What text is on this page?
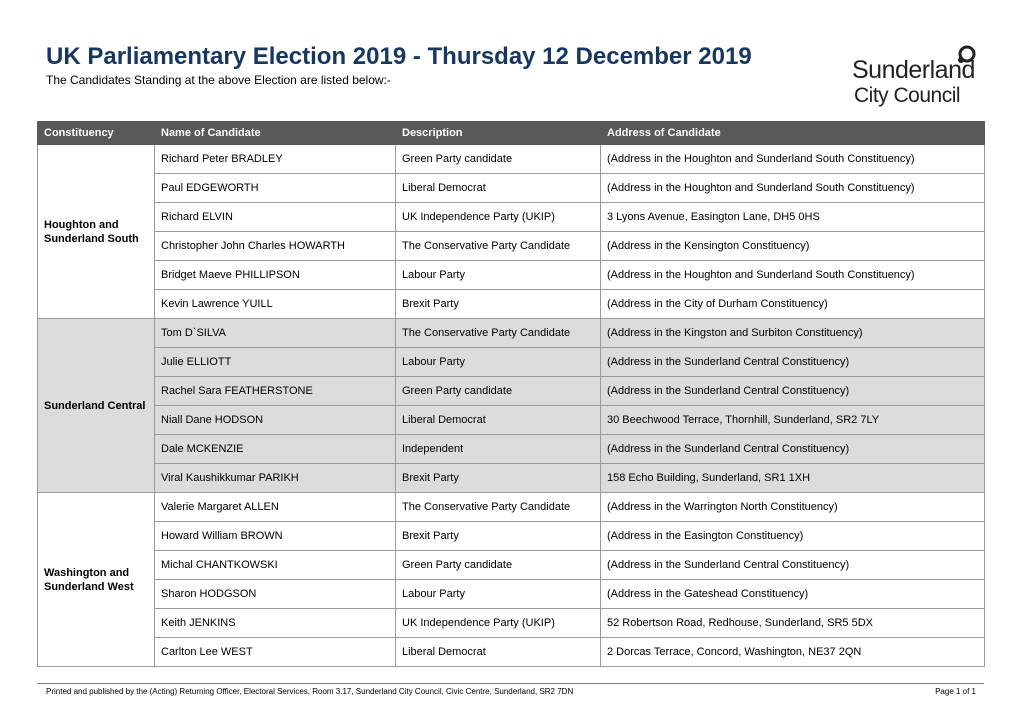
UK Parliamentary Election 2019 - Thursday 12 December 2019
The Candidates Standing at the above Election are listed below:-	Sunderland
City Council
Constituency	Name of Candidate	Description	Address of Candidate
Houghton and Sunderland South	Richard Peter BRADLEY	Green Party candidate	(Address in the Houghton and Sunderland South Constituency)
	Paul EDGEWORTH	Liberal Democrat	(Address in the Houghton and Sunderland South Constituency)
	Richard ELVIN	UK Independence Party (UKIP)	3 Lyons Avenue, Easington Lane, DH5 0HS
	Christopher John Charles HOWARTH	The Conservative Party Candidate	(Address in the Kensington Constituency)
	Bridget Maeve PHILLIPSON	Labour Party	(Address in the Houghton and Sunderland South Constituency)
	Kevin Lawrence YUILL	Brexit Party	(Address in the City of Durham Constituency)
Sunderland Central	Tom D`SILVA	The Conservative Party Candidate	(Address in the Kingston and Surbiton Constituency)
	Julie ELLIOTT	Labour Party	(Address in the Sunderland Central Constituency)
	Rachel Sara FEATHERSTONE	Green Party candidate	(Address in the Sunderland Central Constituency)
	Niall Dane HODSON	Liberal Democrat	30 Beechwood Terrace, Thornhill, Sunderland, SR2 7LY
	Dale MCKENZIE	Independent	(Address in the Sunderland Central Constituency)
	Viral Kaushikkumar PARIKH	Brexit Party	158 Echo Building, Sunderland, SR1 1XH
Washington and Sunderland West	Valerie Margaret ALLEN	The Conservative Party Candidate	(Address in the Warrington North Constituency)
	Howard William BROWN	Brexit Party	(Address in the Easington Constituency)
	Michal CHANTKOWSKI	Green Party candidate	(Address in the Sunderland Central Constituency)
	Sharon HODGSON	Labour Party	(Address in the Gateshead Constituency)
	Keith JENKINS	UK Independence Party (UKIP)	52 Robertson Road, Redhouse, Sunderland, SR5 5DX
	Carlton Lee WEST	Liberal Democrat	2 Dorcas Terrace, Concord, Washington, NE37 2QN
Printed and published by the (Acting) Returning Officer, Electoral Services, Room 3.17, Sunderland City Council, Civic Centre, Sunderland, SR2 7DN	Page 1 of 1
